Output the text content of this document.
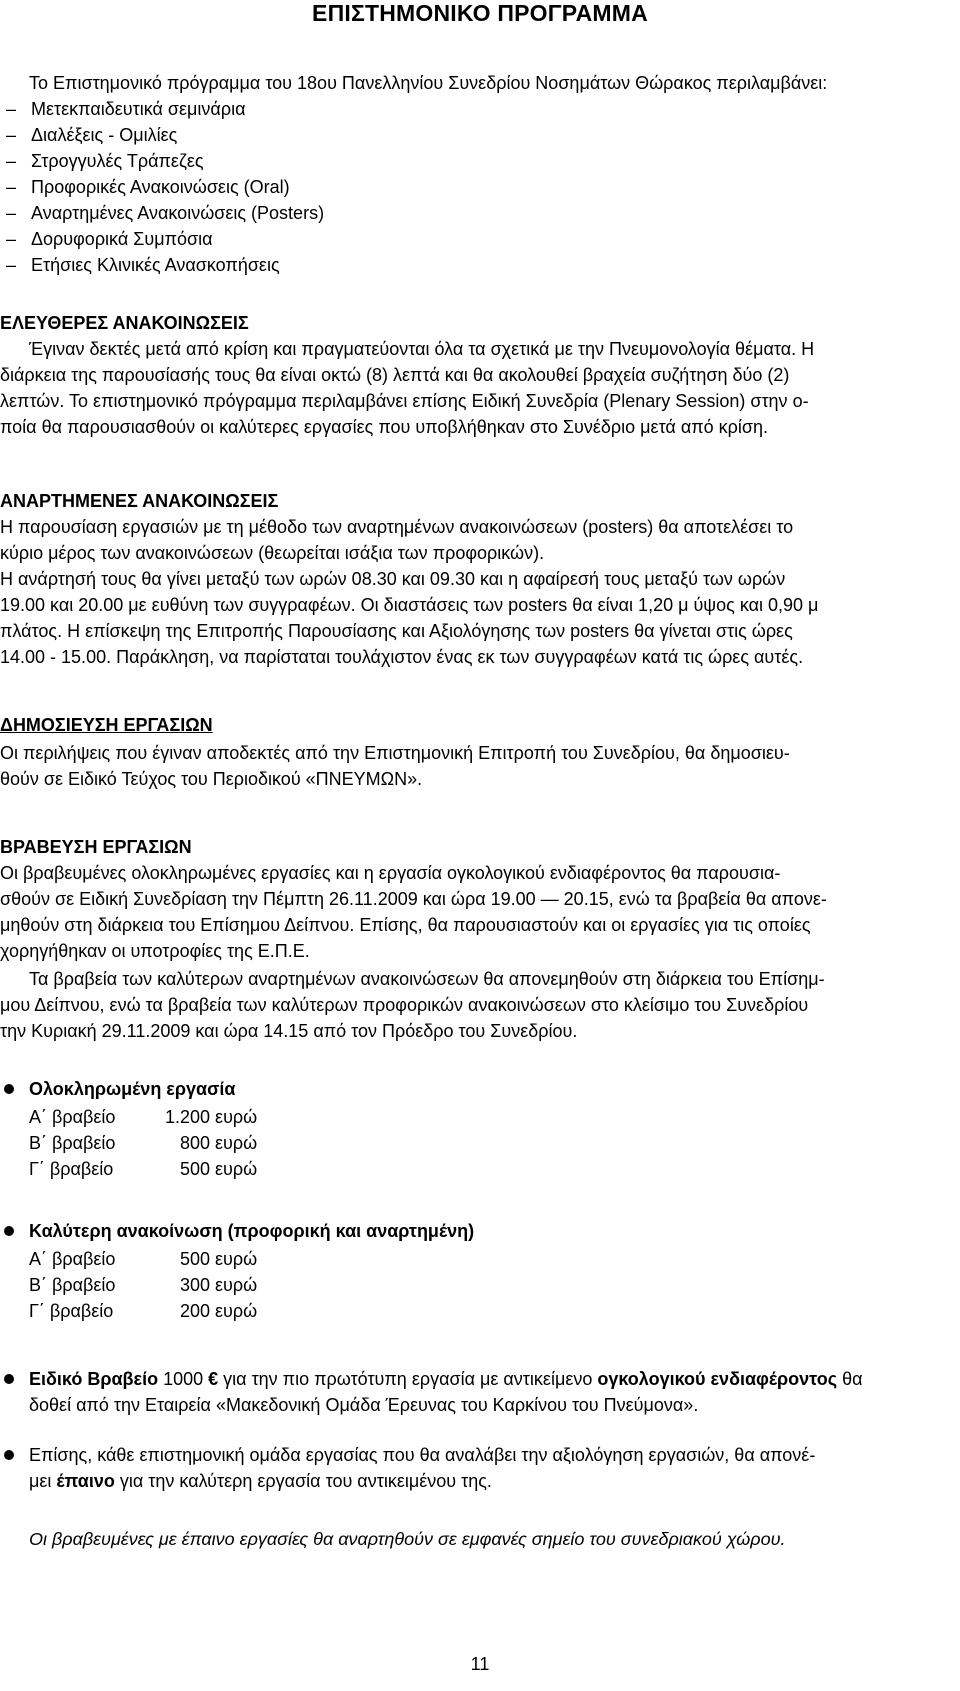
ΕΠΙΣΤΗΜΟΝΙΚΟ ΠΡΟΓΡΑΜΜΑ
Το Επιστημονικό πρόγραμμα του 18ου Πανελληνίου Συνεδρίου Νοσημάτων Θώρακος περιλαμβάνει:
–   Μετεκπαιδευτικά σεμινάρια
–   Διαλέξεις - Ομιλίες
–   Στρογγυλές Τράπεζες
–   Προφορικές Ανακοινώσεις (Oral)
–   Αναρτημένες Ανακοινώσεις (Posters)
–   Δορυφορικά Συμπόσια
–   Ετήσιες Κλινικές Ανασκοπήσεις
ΕΛΕΥΘΕΡΕΣ ΑΝΑΚΟΙΝΩΣΕΙΣ
Έγιναν δεκτές μετά από κρίση και πραγματεύονται όλα τα σχετικά με την Πνευμονολογία θέματα. Η
διάρκεια της παρουσίασής τους θα είναι οκτώ (8) λεπτά και θα ακολουθεί βραχεία συζήτηση δύο (2)
λεπτών. Το επιστημονικό πρόγραμμα περιλαμβάνει επίσης Ειδική Συνεδρία (Plenary Session) στην ο-
ποία θα παρουσιασθούν οι καλύτερες εργασίες που υποβλήθηκαν στο Συνέδριο μετά από κρίση.
ΑΝΑΡΤΗΜΕΝΕΣ ΑΝΑΚΟΙΝΩΣΕΙΣ
Η παρουσίαση εργασιών με τη μέθοδο των αναρτημένων ανακοινώσεων (posters) θα αποτελέσει το
κύριο μέρος των ανακοινώσεων (θεωρείται ισάξια των προφορικών).
Η ανάρτησή τους θα γίνει μεταξύ των ωρών 08.30 και 09.30 και η αφαίρεσή τους μεταξύ των ωρών
19.00 και 20.00 με ευθύνη των συγγραφέων. Οι διαστάσεις των posters θα είναι 1,20 μ ύψος και 0,90 μ
πλάτος. Η επίσκεψη της Επιτροπής Παρουσίασης και Αξιολόγησης των posters θα γίνεται στις ώρες
14.00 - 15.00. Παράκληση, να παρίσταται τουλάχιστον ένας εκ των συγγραφέων κατά τις ώρες αυτές.
ΔΗΜΟΣΙΕΥΣΗ ΕΡΓΑΣΙΩΝ
Οι περιλήψεις που έγιναν αποδεκτές από την Επιστημονική Επιτροπή του Συνεδρίου, θα δημοσιευ-
θούν σε Ειδικό Τεύχος του Περιοδικού «ΠΝΕΥΜΩΝ».
ΒΡΑΒΕΥΣΗ ΕΡΓΑΣΙΩΝ
Οι βραβευμένες ολοκληρωμένες εργασίες και η εργασία ογκολογικού ενδιαφέροντος θα παρουσια-
σθούν σε Ειδική Συνεδρίαση την Πέμπτη 26.11.2009 και ώρα 19.00 — 20.15, ενώ τα βραβεία θα απονε-
μηθούν στη διάρκεια του Επίσημου Δείπνου. Επίσης, θα παρουσιαστούν και οι εργασίες για τις οποίες
χορηγήθηκαν οι υποτροφίες της Ε.Π.Ε.
Τα βραβεία των καλύτερων αναρτημένων ανακοινώσεων θα απονεμηθούν στη διάρκεια του Επίσημ-
μου Δείπνου, ενώ τα βραβεία των καλύτερων προφορικών ανακοινώσεων στο κλείσιμο του Συνεδρίου
την Κυριακή 29.11.2009 και ώρα 14.15 από τον Πρόεδρο του Συνεδρίου.
Ολοκληρωμένη εργασία
Α΄ βραβείο	1.200 ευρώ
Β΄ βραβείο	800 ευρώ
Γ΄ βραβείο	500 ευρώ
Καλύτερη ανακοίνωση (προφορική και αναρτημένη)
Α΄ βραβείο	500 ευρώ
Β΄ βραβείο	300 ευρώ
Γ΄ βραβείο	200 ευρώ
Ειδικό Βραβείο 1000 € για την πιο πρωτότυπη εργασία με αντικείμενο ογκολογικού ενδιαφέροντος θα
δοθεί από την Εταιρεία «Μακεδονική Ομάδα Έρευνας του Καρκίνου του Πνεύμονα».
Επίσης, κάθε επιστημονική ομάδα εργασίας που θα αναλάβει την αξιολόγηση εργασιών, θα απονέ-
μει έπαινο για την καλύτερη εργασία του αντικειμένου της.
Οι βραβευμένες με έπαινο εργασίες θα αναρτηθούν σε εμφανές σημείο του συνεδριακού χώρου.
11
